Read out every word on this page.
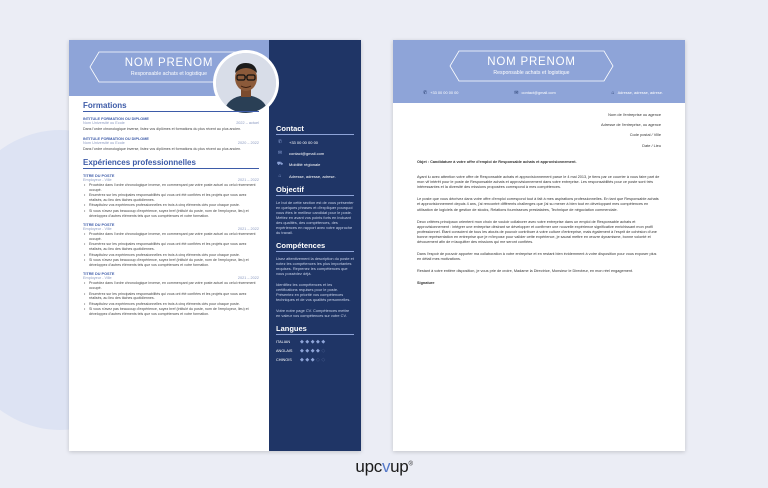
NOM PRENOM
Responsable achats et logistique
Formations
INTITULE FORMATION OU DIPLOME
Nom Université ou Ecole	2022 – actuel
Dans l'ordre chronologique inverse, listez vos diplômes et formations du plus récent au plus ancien.
INTITULE FORMATION OU DIPLOME
Nom Université ou Ecole	2020 – 2022
Dans l'ordre chronologique inverse, listez vos diplômes et formations du plus récent au plus ancien.
Expériences professionnelles
TITRE DU POSTE
Employeur - Ville	2021 – 2022
• Procédez dans l'ordre chronologique inverse, en commençant par votre poste actuel ou celui récemment occupé.
• Enumérez sur les principales responsabilités qui vous ont été confiées et les projets que vous avez réalisés, au lieu des tâches quotidiennes.
• Récapitulez vos expériences professionnelles en trois à cinq éléments clés pour chaque poste.
• Si vous n'avez pas beaucoup d'expérience, soyez bref (intitulé du poste, nom de l'employeur, lieu) et développez d'autres éléments tels que vos compétences et votre formation.
TITRE DU POSTE
Employeur - Ville	2021 – 2022
• Procédez dans l'ordre chronologique inverse, en commençant par votre poste actuel ou celui récemment occupé.
• Enumérez sur les principales responsabilités qui vous ont été confiées et les projets que vous avez réalisés, au lieu des tâches quotidiennes.
• Récapitulez vos expériences professionnelles en trois à cinq éléments clés pour chaque poste.
• Si vous n'avez pas beaucoup d'expérience, soyez bref (intitulé du poste, nom de l'employeur, lieu) et développez d'autres éléments tels que vos compétences et votre formation.
TITRE DU POSTE
Employeur - Ville	2021 – 2022
• Procédez dans l'ordre chronologique inverse, en commençant par votre poste actuel ou celui récemment occupé.
• Enumérez sur les principales responsabilités qui vous ont été confiées et les projets que vous avez réalisés, au lieu des tâches quotidiennes.
• Récapitulez vos expériences professionnelles en trois à cinq éléments clés pour chaque poste.
• Si vous n'avez pas beaucoup d'expérience, soyez bref (intitulé du poste, nom de l'employeur, lieu) et développez d'autres éléments tels que vos compétences et votre formation.
Contact
✆	+33 00 00 00 00
✉	contact@gmail.com
⛟ Mobilité régionale
⌂	Adresse, adresse, adrese.
Objectif
Le but de cette section est de vous présenter en quelques phrases et d'expliquer pourquoi vous êtes le meilleur candidat pour le poste. Mettez en avant vos points forts en incluant des qualités, des compétences, des expériences en rapport avec votre approche du travail.
Compétences
Lisez attentivement la description du poste et notez les compétences les plus importantes requises. Reprenez les compétences que vous possédez déjà.
Identifiez les compétences et les certifications requises pour le poste. Présentez en priorité vos compétences techniques et de vos qualités personnelles.
Votre notre page CV. Compétences mettre en valeur vos compétences sur votre CV.
Langues
ITALIAN	◆◆◆◆◆
ANGLAIS	◆◆◆◆◇
CHINOIS	◆◆◆◇◇
NOM PRENOM
Responsable achats et logistique
✆ +33 00 00 00 00	✉ contact@gmail.com	⌂ Adresse, adresse, adrese.
Nom de l'entreprise ou agence
Adresse de l'entreprise, ou agence
Code postal / Ville
Date / Lieu
Objet : Candidature à votre offre d'emploi de Responsable achats et approvisionnement.
Ayant lu avec attention votre offre de Responsable achats et approvisionnement parue le 4 mai 2013, je tiens par ce courrier à vous faire part de mon vif intérêt pour le poste de Responsable achats et approvisionnement dans votre entreprise. Les responsabilités pour ce poste sont très intéressantes et la diversité des missions proposées correspond à mes compétences.
Le poste que vous décrivez dans votre offre d'emploi correspond tout à fait à mes aspirations professionnelles. En tant que Responsable achats et approvisionnement depuis 4 ans, j'ai rencontré différents challenges que j'ai su mener à bien tout en développant mes compétences en utilisation de logiciels de gestion de stocks, Relations fournisseurs prestataires, Technique de négociation commerciale.
Deux critères principaux orientent mon choix de vouloir collaborer avec votre entreprise dans un emploi de Responsable achats et approvisionnement : intégrer une entreprise désirant se développer et confirmer une nouvelle expérience significative enrichissant mon profil professionnel. Étant conscient de tous les atouts de pouvoir contribuer à votre culture d'entreprise, mais également à l'esprit de cohésion d'une bonne représentation en entreprise que je m'impose pour valider cette expérience, je saurai mettre en œuvre dynamisme, bonne volonté et dévouement afin de m'acquitter des missions qui me seront confiées.
Dans l'espoir de pouvoir apporter ma collaboration à votre entreprise et en restant bien évidemment à votre disposition pour vous exposer plus en détail mes motivations.
Restant à votre entière disposition, je vous prie de croire, Madame la Directrice, Monsieur le Directeur, en mon réel engagement.
Signature
upcvup®
